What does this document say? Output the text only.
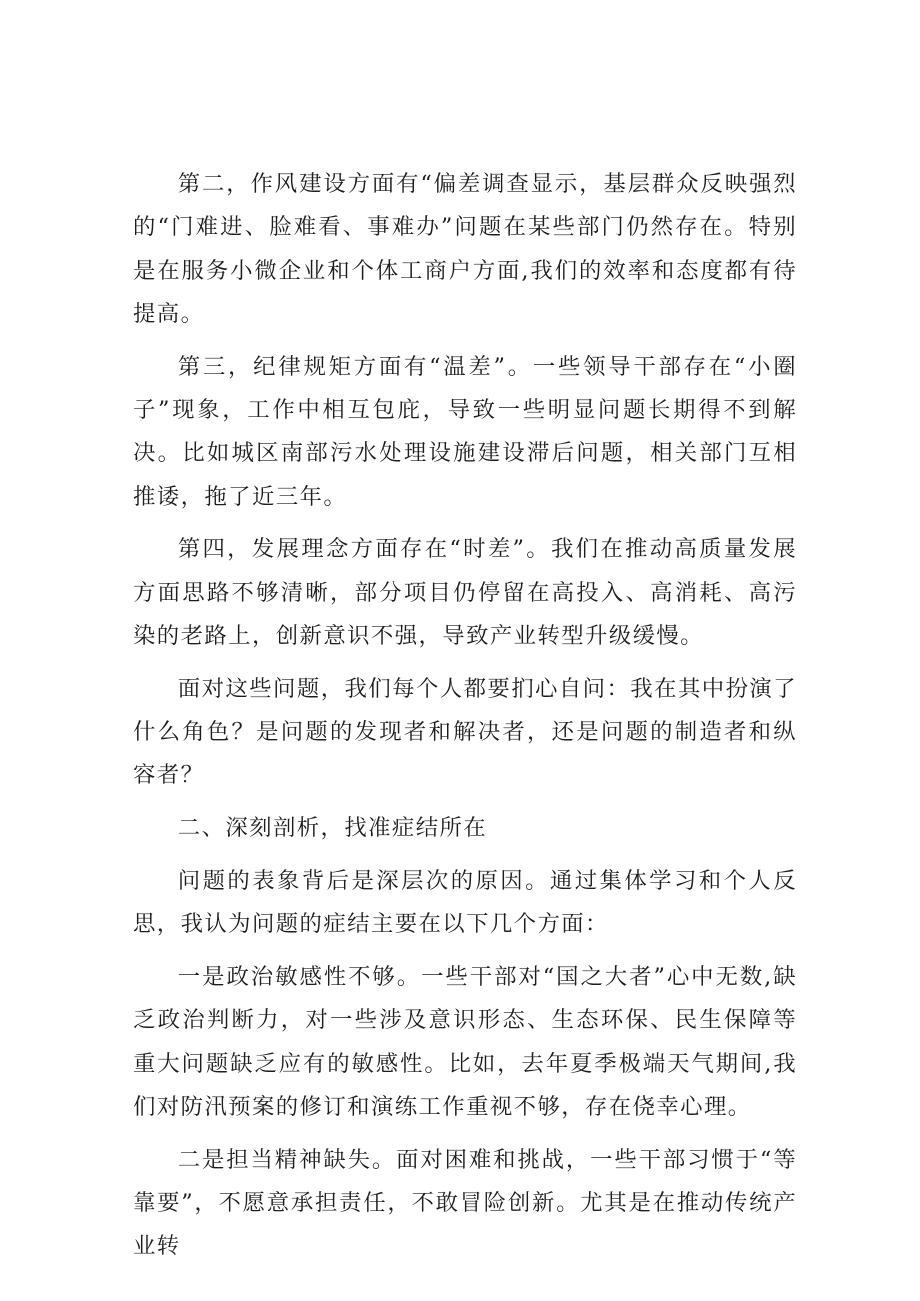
第二，作风建设方面有“偏差调查显示，基层群众反映强烈的“门难进、脸难看、事难办”问题在某些部门仍然存在。特别是在服务小微企业和个体工商户方面,我们的效率和态度都有待提高。

第三，纪律规矩方面有“温差”。一些领导干部存在“小圈子”现象，工作中相互包庇，导致一些明显问题长期得不到解决。比如城区南部污水处理设施建设滞后问题，相关部门互相推诿，拖了近三年。

第四，发展理念方面存在“时差”。我们在推动高质量发展方面思路不够清晰，部分项目仍停留在高投入、高消耗、高污染的老路上，创新意识不强，导致产业转型升级缓慢。

面对这些问题，我们每个人都要扪心自问：我在其中扮演了什么角色？是问题的发现者和解决者，还是问题的制造者和纵容者？

二、深刻剖析，找准症结所在

问题的表象背后是深层次的原因。通过集体学习和个人反思，我认为问题的症结主要在以下几个方面：

一是政治敏感性不够。一些干部对“国之大者”心中无数,缺乏政治判断力，对一些涉及意识形态、生态环保、民生保障等重大问题缺乏应有的敏感性。比如，去年夏季极端天气期间,我们对防汛预案的修订和演练工作重视不够，存在侥幸心理。

二是担当精神缺失。面对困难和挑战，一些干部习惯于“等靠要”，不愿意承担责任，不敢冒险创新。尤其是在推动传统产业转
